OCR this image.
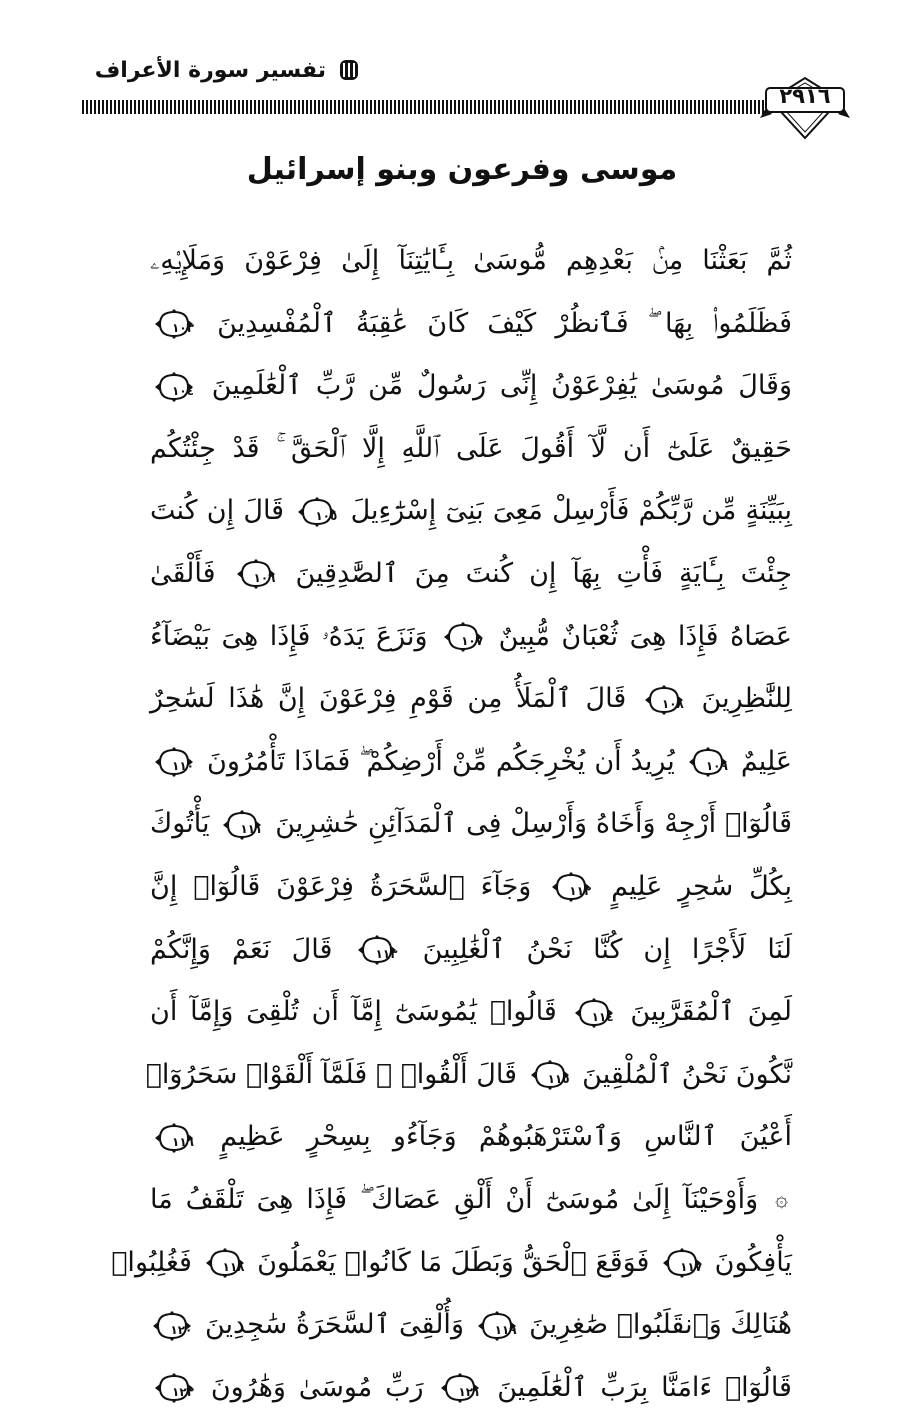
تفسير سورة الأعراف
٢٩١٦
موسى وفرعون وبنو إسرائيل
ثُمَّ بَعَثْنَا مِنۢ بَعْدِهِم مُّوسَىٰ بِـَٔايَٰتِنَآ إِلَىٰ فِرْعَوْنَ وَمَلَإِي۟هِۦ
فَظَلَمُوا۟ بِهَا ۖ فَٱنظُرْ كَيْفَ كَانَ عَٰقِبَةُ ٱلْمُفْسِدِينَ
١٠٣
وَقَالَ مُوسَىٰ يَٰفِرْعَوْنُ إِنِّى رَسُولٌ مِّن رَّبِّ ٱلْعَٰلَمِينَ
١٠٤
حَقِيقٌ عَلَىٰٓ أَن لَّآ أَقُولَ عَلَى ٱللَّهِ إِلَّا ٱلْحَقَّ ۚ قَدْ جِئْتُكُم
بِبَيِّنَةٍ مِّن رَّبِّكُمْ فَأَرْسِلْ مَعِىَ بَنِىٓ إِسْرَٰٓءِيلَ
١٠٥ قَالَ إِن كُنتَ
جِئْتَ بِـَٔايَةٍ فَأْتِ بِهَآ إِن كُنتَ مِنَ ٱلصَّٰدِقِينَ
١٠٦ فَأَلْقَىٰ
عَصَاهُ فَإِذَا هِىَ ثُعْبَانٌ مُّبِينٌ
١٠٧ وَنَزَعَ يَدَهُۥ فَإِذَا هِىَ بَيْضَآءُ
لِلنَّٰظِرِينَ
١٠٨ قَالَ ٱلْمَلَأُ مِن قَوْمِ فِرْعَوْنَ إِنَّ هَٰذَا لَسَٰحِرٌ
عَلِيمٌ
١٠٩ يُرِيدُ أَن يُخْرِجَكُم مِّنْ أَرْضِكُمْ ۖ فَمَاذَا تَأْمُرُونَ
١١٠
قَالُوٓا۟ أَرْجِهْ وَأَخَاهُ وَأَرْسِلْ فِى ٱلْمَدَآئِنِ حَٰشِرِينَ
١١١ يَأْتُوكَ
بِكُلِّ سَٰحِرٍ عَلِيمٍ
١١٢ وَجَآءَ ٱلسَّحَرَةُ فِرْعَوْنَ قَالُوٓا۟ إِنَّ
لَنَا لَأَجْرًا إِن كُنَّا نَحْنُ ٱلْغَٰلِبِينَ
١١٣ قَالَ نَعَمْ وَإِنَّكُمْ
لَمِنَ ٱلْمُقَرَّبِينَ
١١٤ قَالُوا۟ يَٰمُوسَىٰٓ إِمَّآ أَن تُلْقِىَ وَإِمَّآ أَن
نَّكُونَ نَحْنُ ٱلْمُلْقِينَ
١١٥ قَالَ أَلْقُوا۟ ۖ فَلَمَّآ أَلْقَوْا۟ سَحَرُوٓا۟
أَعْيُنَ ٱلنَّاسِ وَٱسْتَرْهَبُوهُمْ وَجَآءُو بِسِحْرٍ عَظِيمٍ
١١٦
۞ وَأَوْحَيْنَآ إِلَىٰ مُوسَىٰٓ أَنْ أَلْقِ عَصَاكَ ۖ فَإِذَا هِىَ تَلْقَفُ مَا
يَأْفِكُونَ
١١٧ فَوَقَعَ ٱلْحَقُّ وَبَطَلَ مَا كَانُوا۟ يَعْمَلُونَ
١١٨ فَغُلِبُوا۟
هُنَالِكَ وَٱنقَلَبُوا۟ صَٰغِرِينَ
١١٩ وَأُلْقِىَ ٱلسَّحَرَةُ سَٰجِدِينَ
١٢٠
قَالُوٓا۟ ءَامَنَّا بِرَبِّ ٱلْعَٰلَمِينَ
١٢١ رَبِّ مُوسَىٰ وَهَٰرُونَ
١٢٢
